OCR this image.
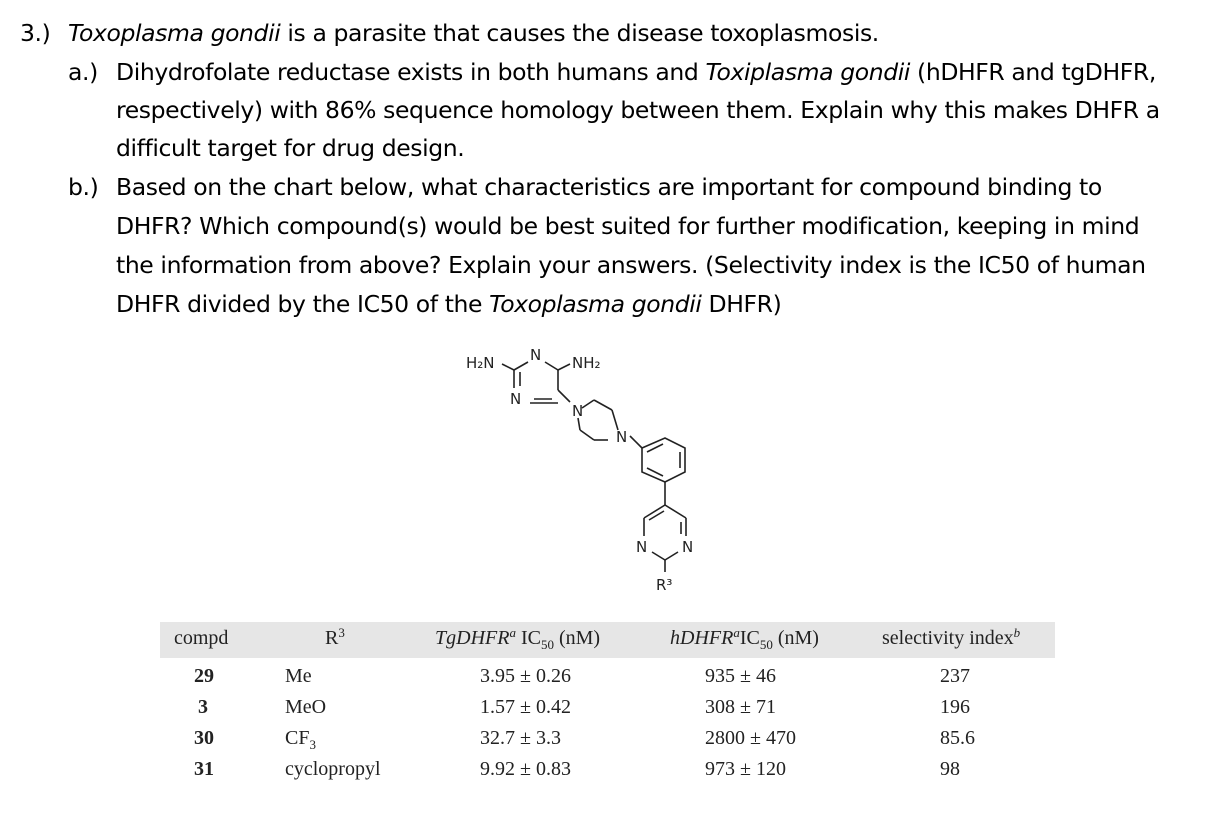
3.) Toxoplasma gondii is a parasite that causes the disease toxoplasmosis.
a.) Dihydrofolate reductase exists in both humans and Toxiplasma gondii (hDHFR and tgDHFR,
respectively) with 86% sequence homology between them. Explain why this makes DHFR a
difficult target for drug design.
b.) Based on the chart below, what characteristics are important for compound binding to
DHFR? Which compound(s) would be best suited for further modification, keeping in mind
the information from above? Explain your answers. (Selectivity index is the IC50 of human
DHFR divided by the IC50 of the Toxoplasma gondii DHFR)
H₂N N NH₂
N
N
N
N N
R³
compd	$R^3$	TgDHFR$^a$ $IC_{50}$ (nM)	$hDHFR^aIC_{50}$ (nM)	selectivity index$^b$
29	Me	3.95 ± 0.26	935 ± 46	237
3	MeO	1.57 ± 0.42	308 ± 71	196
30	$CF_3$	32.7 ± 3.3	2800 ± 470	85.6
31	cyclopropyl	9.92 ± 0.83	973 ± 120	98
